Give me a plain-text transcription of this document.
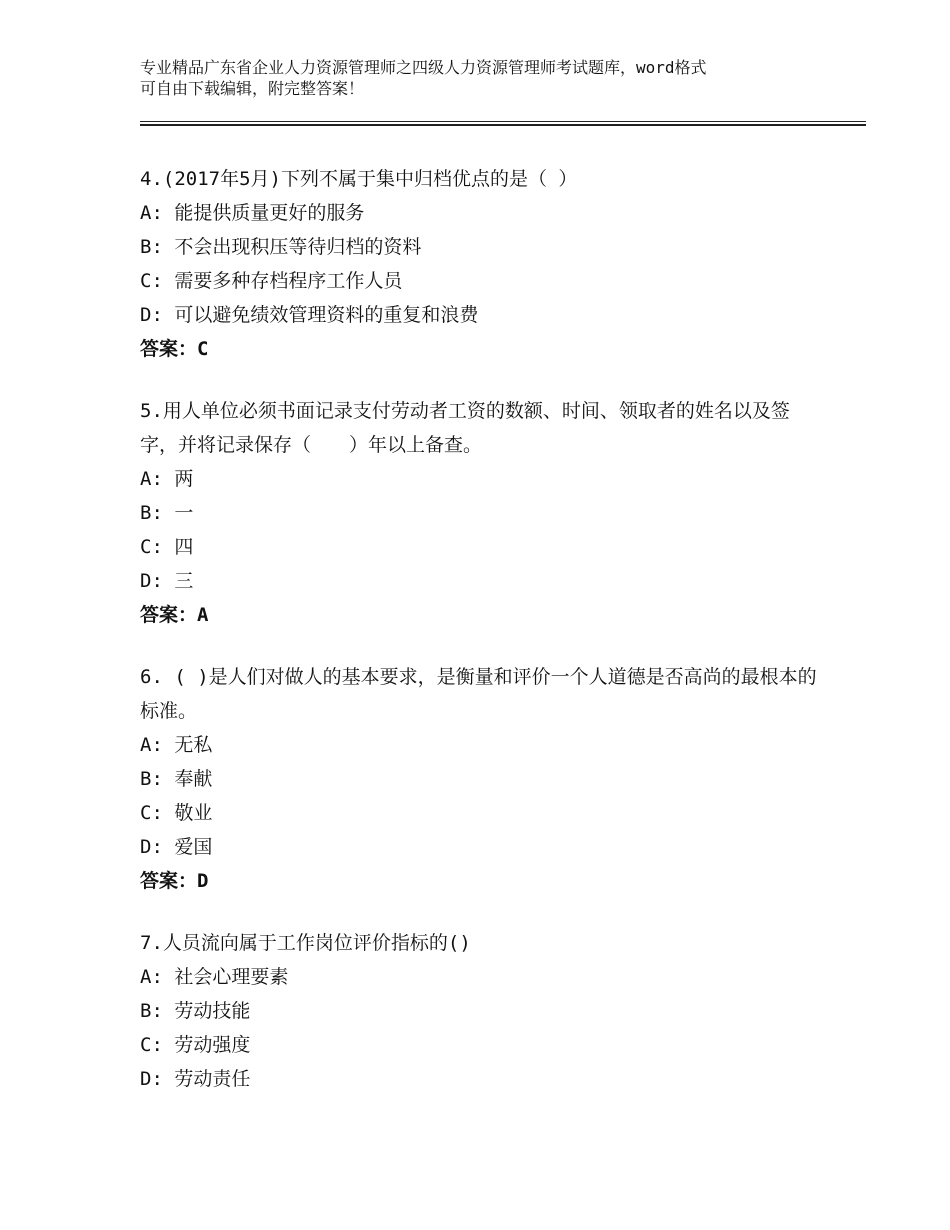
专业精品广东省企业人力资源管理师之四级人力资源管理师考试题库，word格式
可自由下载编辑，附完整答案！
4.(2017年5月)下列不属于集中归档优点的是（ ）
A: 能提供质量更好的服务
B: 不会出现积压等待归档的资料
C: 需要多种存档程序工作人员
D: 可以避免绩效管理资料的重复和浪费
答案：C
5.用人单位必须书面记录支付劳动者工资的数额、时间、领取者的姓名以及签字，并将记录保存（　　）年以上备查。
A: 两
B: 一
C: 四
D: 三
答案：A
6. ( )是人们对做人的基本要求，是衡量和评价一个人道德是否高尚的最根本的标准。
A: 无私
B: 奉献
C: 敬业
D: 爱国
答案：D
7.人员流向属于工作岗位评价指标的()
A: 社会心理要素
B: 劳动技能
C: 劳动强度
D: 劳动责任
